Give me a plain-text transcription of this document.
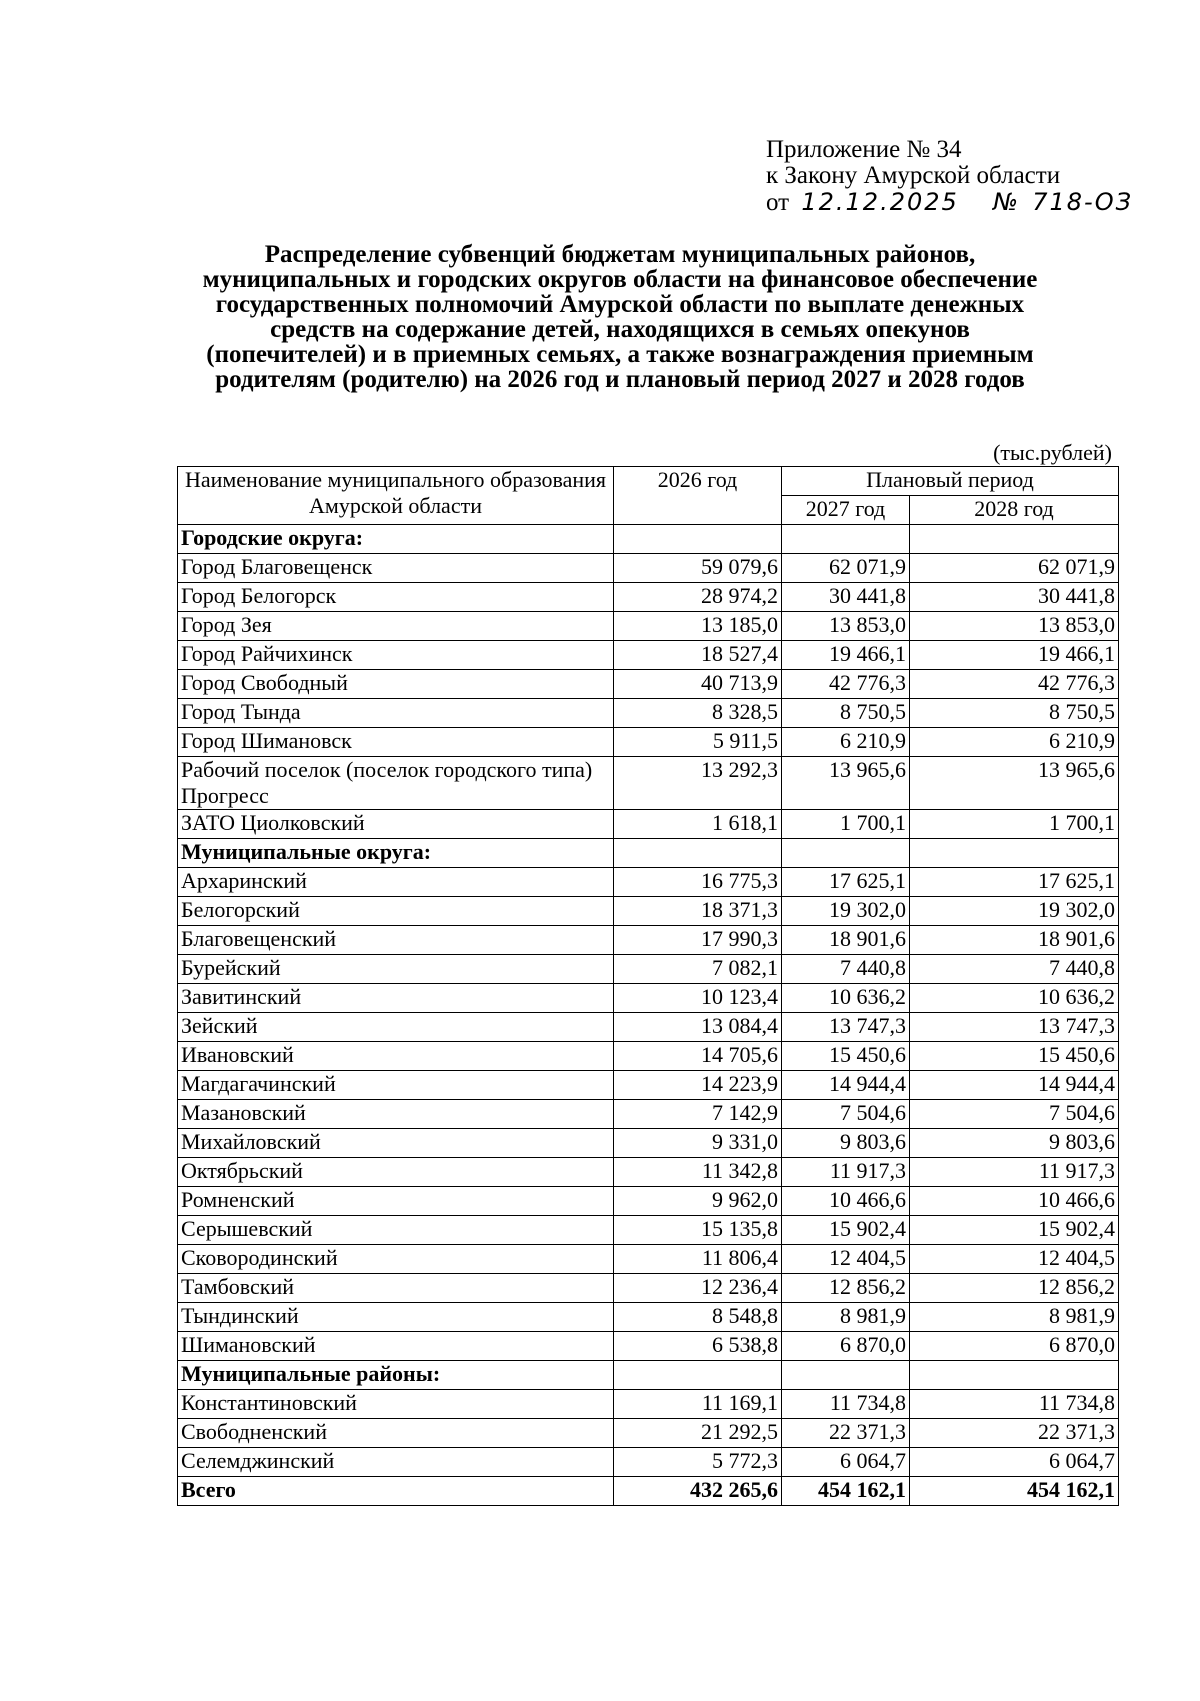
Приложение № 34
к Закону Амурской области
от 12.12.2025 № 718-ОЗ
Распределение субвенций бюджетам муниципальных районов, муниципальных и городских округов области на финансовое обеспечение государственных полномочий Амурской области по выплате денежных средств на содержание детей, находящихся в семьях опекунов (попечителей) и в приемных семьях, а также вознаграждения приемным родителям (родителю) на 2026 год и плановый период 2027 и 2028 годов
(тыс.рублей)
Наименование муниципального образования Амурской области	2026 год	Плановый период	
		2027 год	2028 год
Городские округа:			
Город Благовещенск	59 079,6	62 071,9	62 071,9
Город Белогорск	28 974,2	30 441,8	30 441,8
Город Зея	13 185,0	13 853,0	13 853,0
Город Райчихинск	18 527,4	19 466,1	19 466,1
Город Свободный	40 713,9	42 776,3	42 776,3
Город Тында	8 328,5	8 750,5	8 750,5
Город Шимановск	5 911,5	6 210,9	6 210,9
Рабочий поселок (поселок городского типа) Прогресс	13 292,3	13 965,6	13 965,6
ЗАТО Циолковский	1 618,1	1 700,1	1 700,1
Муниципальные округа:			
Архаринский	16 775,3	17 625,1	17 625,1
Белогорский	18 371,3	19 302,0	19 302,0
Благовещенский	17 990,3	18 901,6	18 901,6
Бурейский	7 082,1	7 440,8	7 440,8
Завитинский	10 123,4	10 636,2	10 636,2
Зейский	13 084,4	13 747,3	13 747,3
Ивановский	14 705,6	15 450,6	15 450,6
Магдагачинский	14 223,9	14 944,4	14 944,4
Мазановский	7 142,9	7 504,6	7 504,6
Михайловский	9 331,0	9 803,6	9 803,6
Октябрьский	11 342,8	11 917,3	11 917,3
Ромненский	9 962,0	10 466,6	10 466,6
Серышевский	15 135,8	15 902,4	15 902,4
Сковородинский	11 806,4	12 404,5	12 404,5
Тамбовский	12 236,4	12 856,2	12 856,2
Тындинский	8 548,8	8 981,9	8 981,9
Шимановский	6 538,8	6 870,0	6 870,0
Муниципальные районы:			
Константиновский	11 169,1	11 734,8	11 734,8
Свободненский	21 292,5	22 371,3	22 371,3
Селемджинский	5 772,3	6 064,7	6 064,7
Всего	432 265,6	454 162,1	454 162,1
